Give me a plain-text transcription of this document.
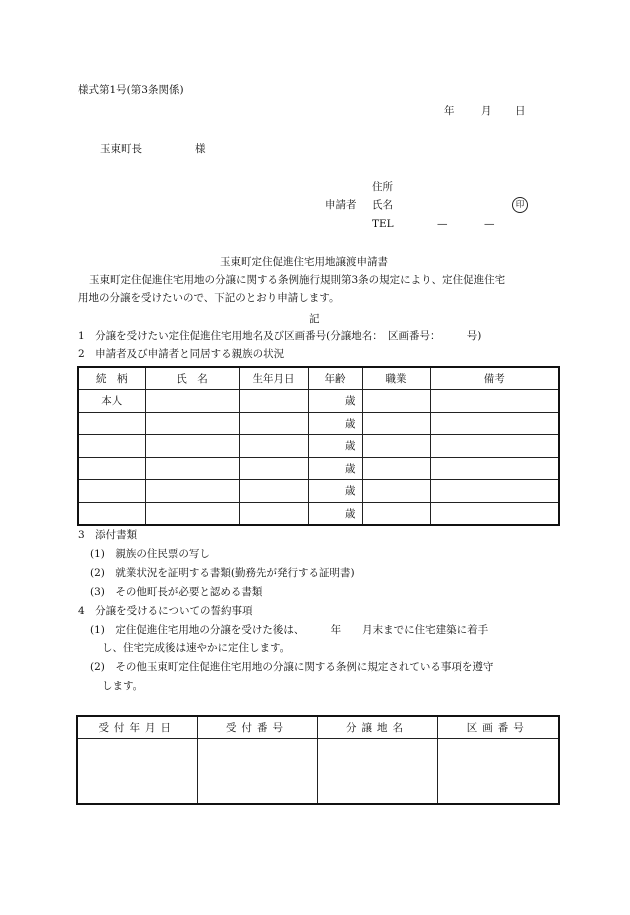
様式第1号(第3条関係)
年	月 日
玉東町長	様
住所
申請者 氏名	印
TEL	—	—
玉東町定住促進住宅用地譲渡申請書
玉東町定住促進住宅用地の分譲に関する条例施行規則第3条の規定により、定住促進住宅
用地の分譲を受けたいので、下記のとおり申請します。
記
1　分譲を受けたい定住促進住宅用地名及び区画番号(分譲地名：　区画番号：　　　号)
2　申請者及び申請者と同居する親族の状況
続　柄	氏　名	生年月日	年齢	職業	備考
本人			歳		
			歳		
			歳		
			歳		
			歳		
			歳		
3　添付書類
(1)　親族の住民票の写し
(2)　就業状況を証明する書類(勤務先が発行する証明書)
(3)　その他町長が必要と認める書類
4　分譲を受けるについての誓約事項
(1)　定住促進住宅用地の分譲を受けた後は、　　　年　　月末までに住宅建築に着手
し、住宅完成後は速やかに定住します。
(2)　その他玉東町定住促進住宅用地の分譲に関する条例に規定されている事項を遵守
します。
受付年月日	受付番号	分譲地名	区画番号
